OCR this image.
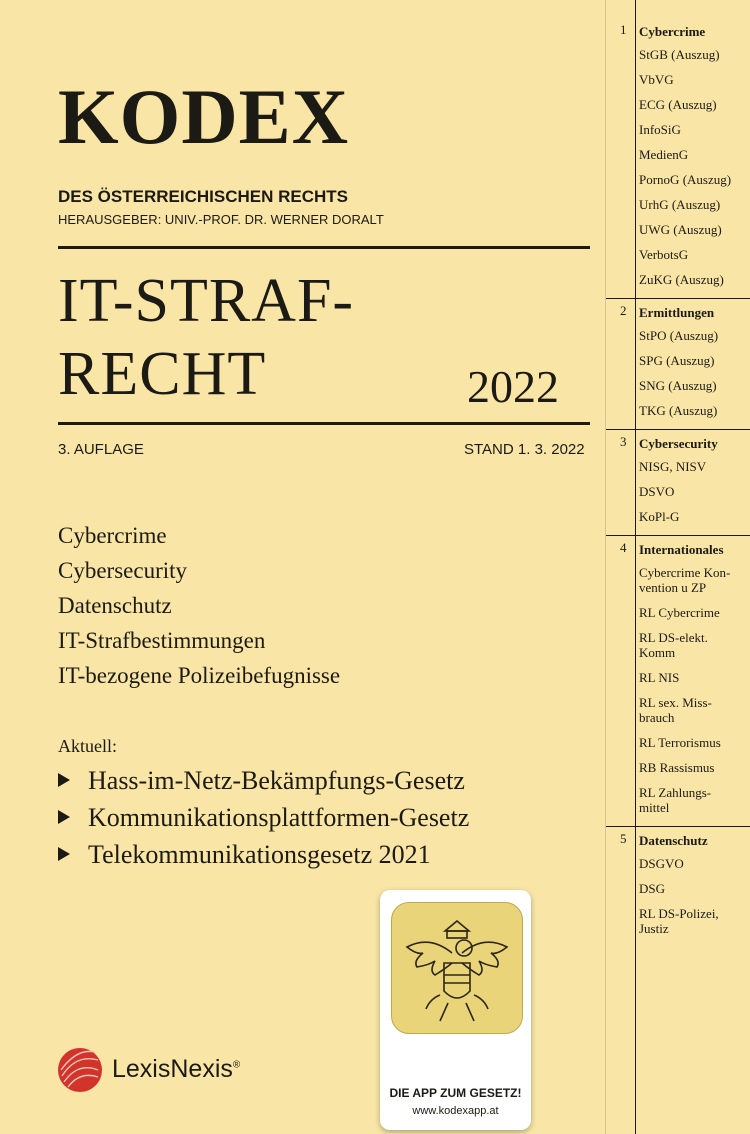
KODEX
DES ÖSTERREICHISCHEN RECHTS
HERAUSGEBER: UNIV.-PROF. DR. WERNER DORALT
IT-STRAF-
RECHT	2022
3. AUFLAGE	STAND 1. 3. 2022
Cybercrime
Cybersecurity
Datenschutz
IT-Strafbestimmungen
IT-bezogene Polizeibefugnisse
Aktuell:
Hass-im-Netz-Bekämpfungs-Gesetz
Kommunikationsplattformen-Gesetz
Telekommunikationsgesetz 2021
1 Cybercrime
StGB (Auszug)
VbVG
ECG (Auszug)
InfoSiG
MedienG
PornoG (Auszug)
UrhG (Auszug)
UWG (Auszug)
VerbotsG
ZuKG (Auszug)
2 Ermittlungen
StPO (Auszug)
SPG (Auszug)
SNG (Auszug)
TKG (Auszug)
3 Cybersecurity
NISG, NISV
DSVO
KoPl-G
4 Internationales
Cybercrime Kon-
vention u ZP
RL Cybercrime
RL DS-elekt.
Komm
RL NIS
RL sex. Miss-
brauch
RL Terrorismus
RB Rassismus
RL Zahlungs-
mittel
5 Datenschutz
DSGVO
DSG
RL DS-Polizei,
Justiz
DIE APP ZUM GESETZ!
www.kodexapp.at
LexisNexis®
